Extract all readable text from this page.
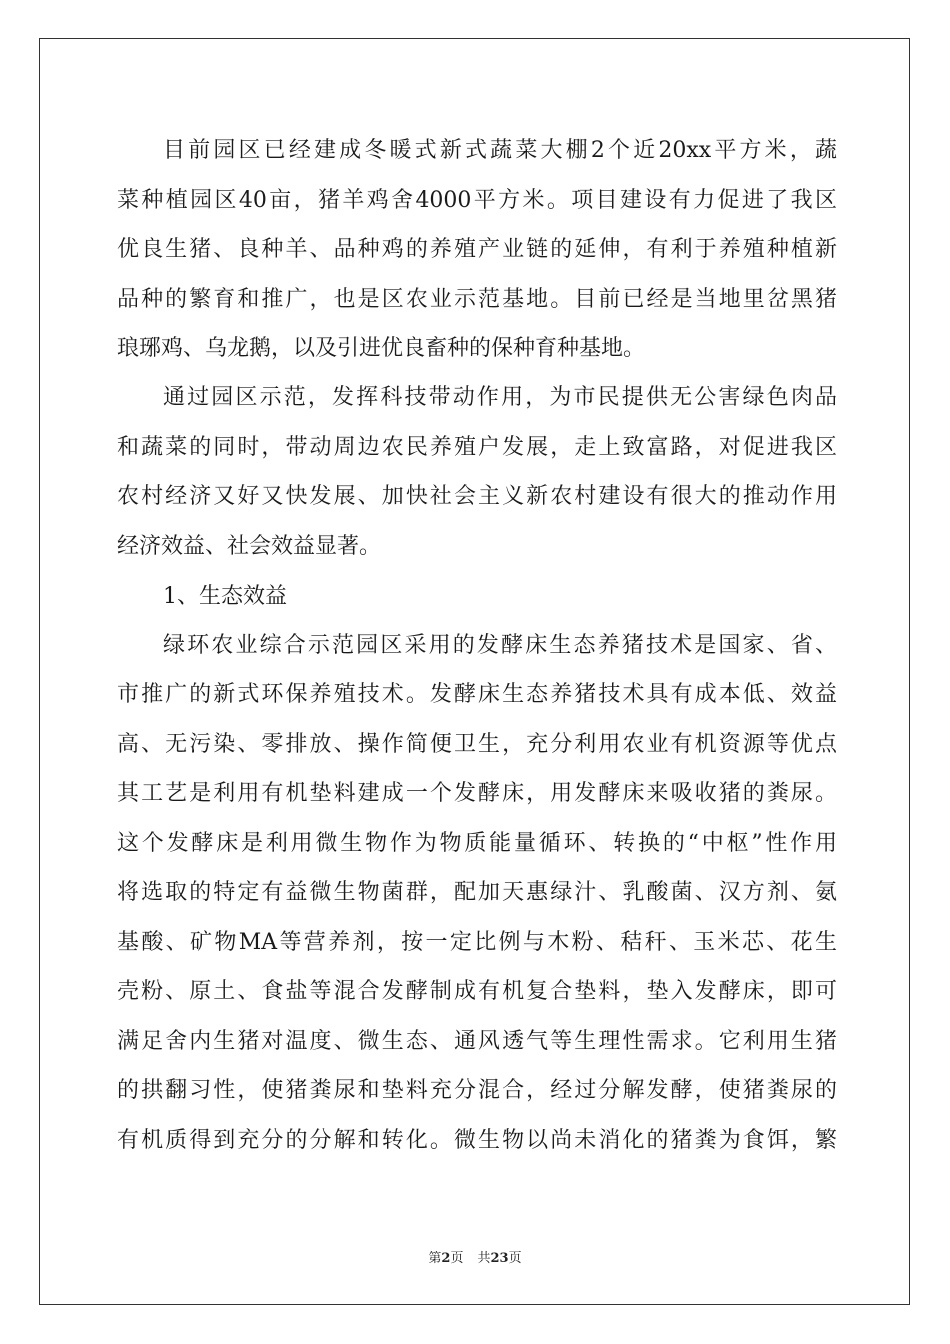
目前园区已经建成冬暖式新式蔬菜大棚2个近20xx平方米，蔬
菜种植园区40亩，猪羊鸡舍4000平方米。项目建设有力促进了我区
优良生猪、良种羊、品种鸡的养殖产业链的延伸，有利于养殖种植新
品种的繁育和推广，也是区农业示范基地。目前已经是当地里岔黑猪
琅琊鸡、乌龙鹅，以及引进优良畜种的保种育种基地。
通过园区示范，发挥科技带动作用，为市民提供无公害绿色肉品
和蔬菜的同时，带动周边农民养殖户发展，走上致富路，对促进我区
农村经济又好又快发展、加快社会主义新农村建设有很大的推动作用
经济效益、社会效益显著。
1、生态效益
绿环农业综合示范园区采用的发酵床生态养猪技术是国家、省、
市推广的新式环保养殖技术。发酵床生态养猪技术具有成本低、效益
高、无污染、零排放、操作简便卫生，充分利用农业有机资源等优点
其工艺是利用有机垫料建成一个发酵床，用发酵床来吸收猪的粪尿。
这个发酵床是利用微生物作为物质能量循环、转换的“中枢”性作用
将选取的特定有益微生物菌群，配加天惠绿汁、乳酸菌、汉方剂、氨
基酸、矿物MA等营养剂，按一定比例与木粉、秸秆、玉米芯、花生
壳粉、原土、食盐等混合发酵制成有机复合垫料，垫入发酵床，即可
满足舍内生猪对温度、微生态、通风透气等生理性需求。它利用生猪
的拱翻习性，使猪粪尿和垫料充分混合，经过分解发酵，使猪粪尿的
有机质得到充分的分解和转化。微生物以尚未消化的猪粪为食饵，繁
第2页 共23页
